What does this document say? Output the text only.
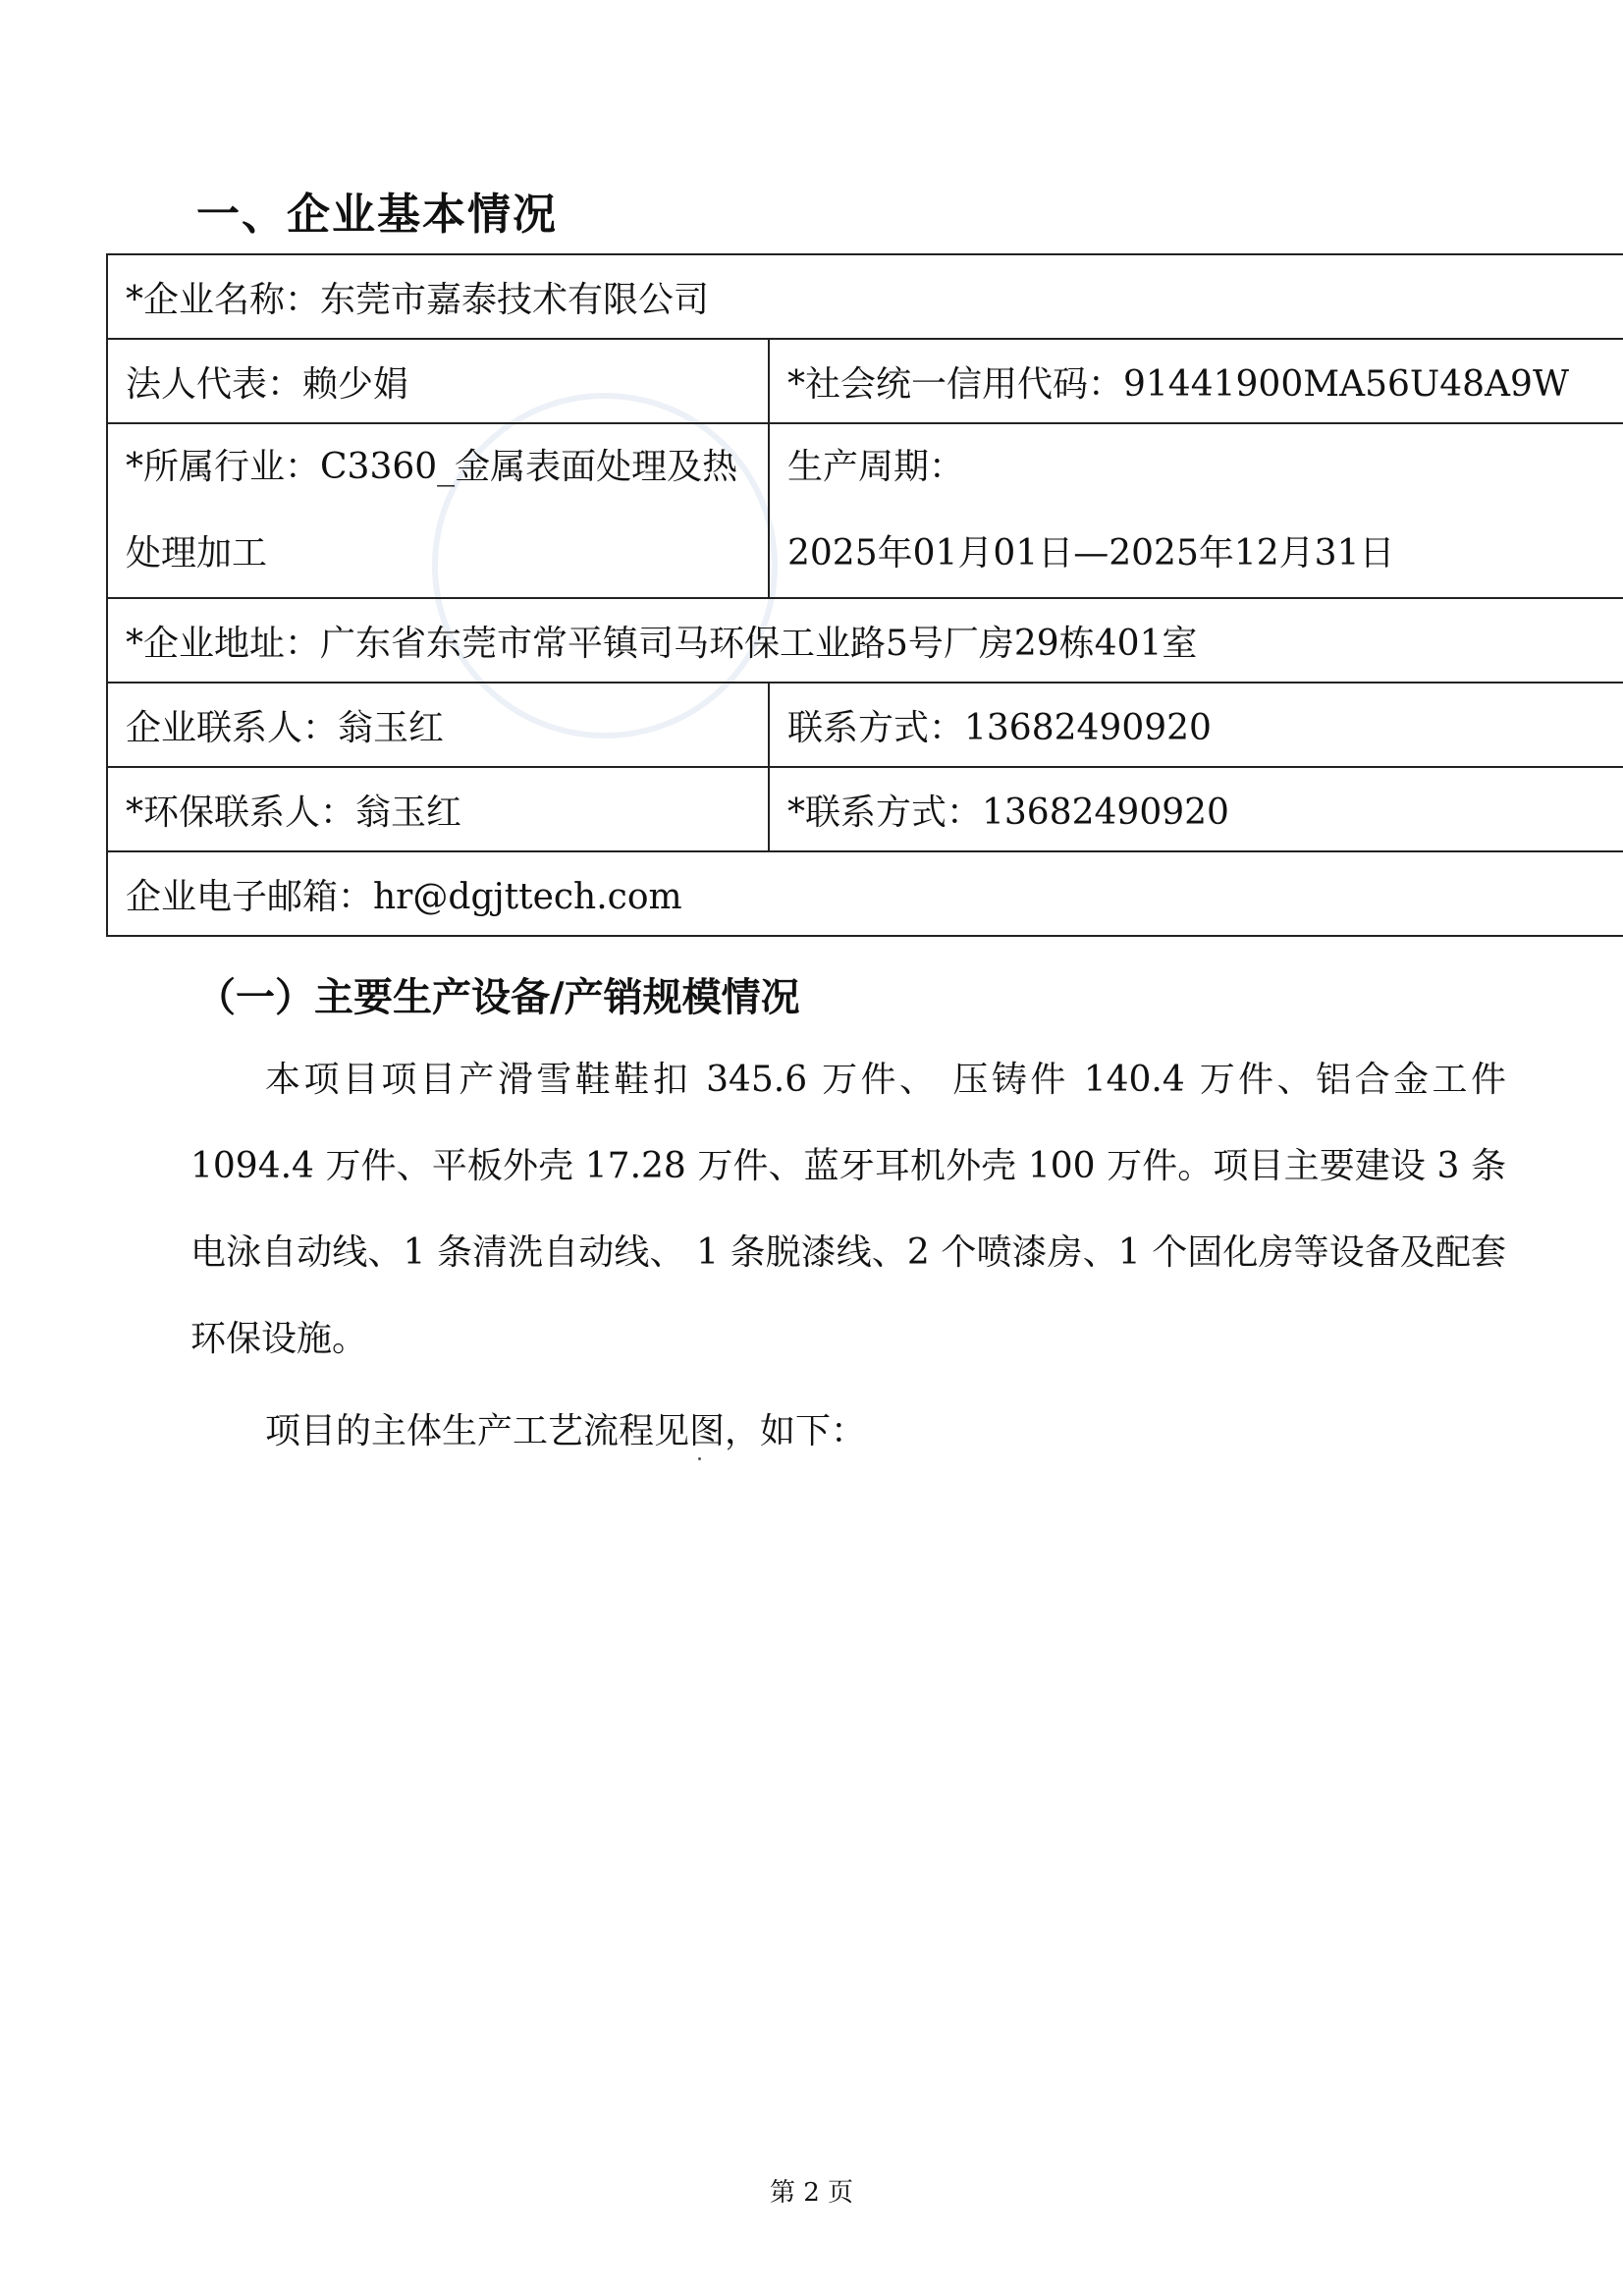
一、企业基本情况
*企业名称：东莞市嘉泰技术有限公司	
法人代表：赖少娟	*社会统一信用代码：91441900MA56U48A9W

*所属行业：C3360_金属表面处理及热处理加工	生产周期：
2025年01月01日—2025年12月31日

*企业地址：广东省东莞市常平镇司马环保工业路5号厂房29栋401室	
企业联系人：翁玉红	联系方式：13682490920
*环保联系人：翁玉红	*联系方式：13682490920
企业电子邮箱：hr@dgjttech.com	
（一）主要生产设备/产销规模情况

本项目项目产滑雪鞋鞋扣 345.6 万件、 压铸件 140.4 万件、铝合金工件 1094.4 万件、平板外壳 17.28 万件、蓝牙耳机外壳 100 万件。项目主要建设 3 条电泳自动线、1 条清洗自动线、 1 条脱漆线、2 个喷漆房、1 个固化房等设备及配套环保设施。

项目的主体生产工艺流程见图，如下：

第 2 页
